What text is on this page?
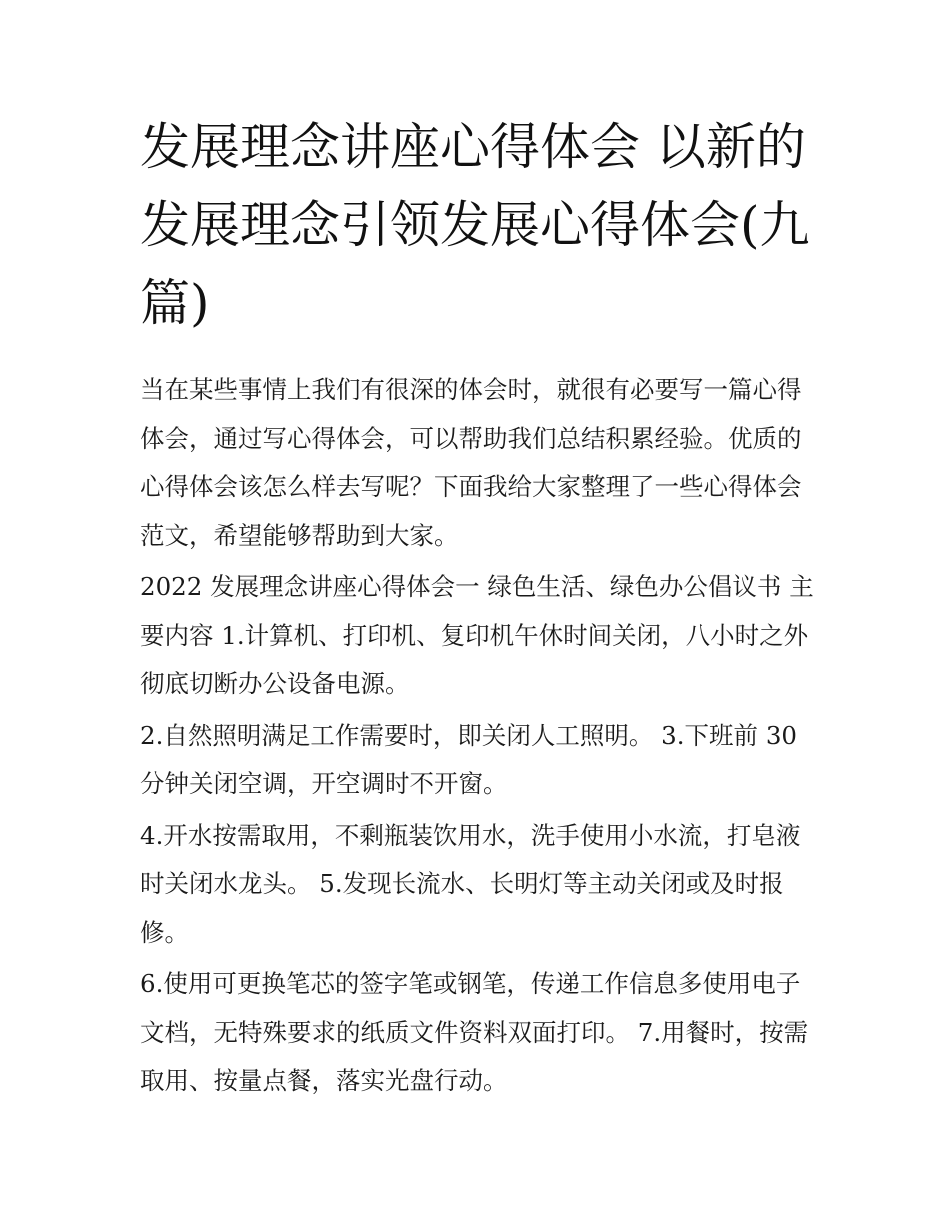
发展理念讲座心得体会 以新的发展理念引领发展心得体会(九篇)

当在某些事情上我们有很深的体会时，就很有必要写一篇心得体会，通过写心得体会，可以帮助我们总结积累经验。优质的心得体会该怎么样去写呢？下面我给大家整理了一些心得体会范文，希望能够帮助到大家。

2022 发展理念讲座心得体会一 绿色生活、绿色办公倡议书 主要内容 1.计算机、打印机、复印机午休时间关闭，八小时之外彻底切断办公设备电源。

2.自然照明满足工作需要时，即关闭人工照明。 3.下班前 30 分钟关闭空调，开空调时不开窗。

4.开水按需取用，不剩瓶装饮用水，洗手使用小水流，打皂液时关闭水龙头。 5.发现长流水、长明灯等主动关闭或及时报修。

6.使用可更换笔芯的签字笔或钢笔，传递工作信息多使用电子文档，无特殊要求的纸质文件资料双面打印。 7.用餐时，按需取用、按量点餐，落实光盘行动。
